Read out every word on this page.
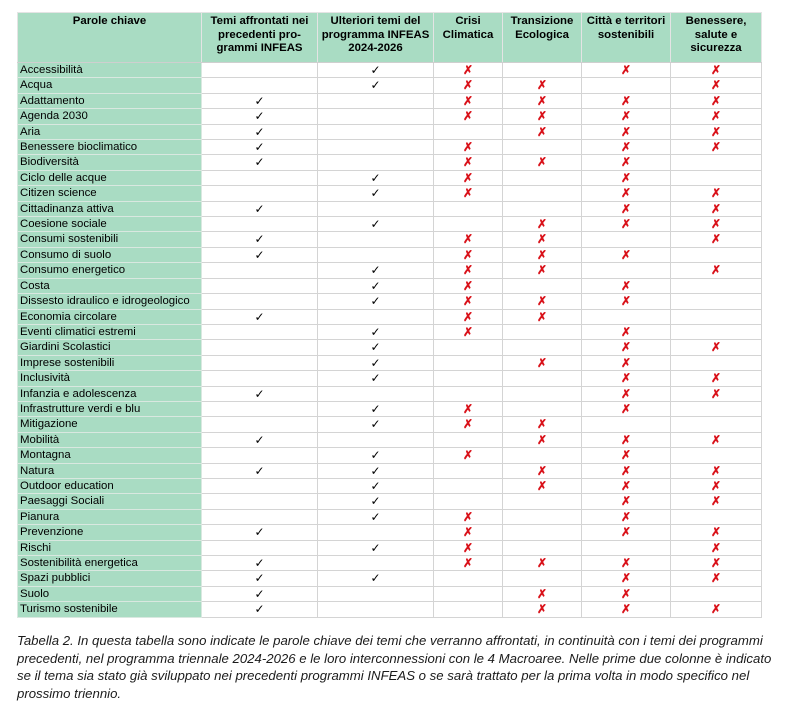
Parole chiave	Temi affrontati nei precedenti pro-grammi INFEAS	Ulteriori temi del programma INFEAS 2024-2026	Crisi Climatica	Transizione Ecologica	Città e territori sostenibili	Benessere, salute e sicurezza
Accessibilità		✓	✗		✗	✗
Acqua		✓	✗	✗		✗
Adattamento	✓		✗	✗	✗	✗
Agenda 2030	✓		✗	✗	✗	✗
Aria	✓			✗	✗	✗
Benessere bioclimatico	✓		✗		✗	✗
Biodiversità	✓		✗	✗	✗	
Ciclo delle acque		✓	✗		✗	
Citizen science		✓	✗		✗	✗
Cittadinanza attiva	✓				✗	✗
Coesione sociale		✓		✗	✗	✗
Consumi sostenibili	✓		✗	✗		✗
Consumo di suolo	✓		✗	✗	✗	
Consumo energetico		✓	✗	✗		✗
Costa		✓	✗		✗	
Dissesto idraulico e idrogeologico		✓	✗	✗	✗	
Economia circolare	✓		✗	✗		
Eventi climatici estremi		✓	✗		✗	
Giardini Scolastici		✓			✗	✗
Imprese sostenibili		✓		✗	✗	
Inclusività		✓			✗	✗
Infanzia e adolescenza	✓				✗	✗
Infrastrutture verdi e blu		✓	✗		✗	
Mitigazione		✓	✗	✗		
Mobilità	✓			✗	✗	✗
Montagna		✓	✗		✗	
Natura	✓	✓		✗	✗	✗
Outdoor education		✓		✗	✗	✗
Paesaggi Sociali		✓			✗	✗
Pianura		✓	✗		✗	
Prevenzione	✓		✗		✗	✗
Rischi		✓	✗			✗
Sostenibilità energetica	✓		✗	✗	✗	✗
Spazi pubblici	✓	✓			✗	✗
Suolo	✓			✗	✗	
Turismo sostenibile	✓			✗	✗	✗

Tabella 2. In questa tabella sono indicate le parole chiave dei temi che verranno affrontati, in continuità con i temi dei programmi precedenti, nel programma triennale 2024-2026 e le loro interconnessioni con le 4 Macroaree. Nelle prime due colonne è indicato se il tema sia stato già sviluppato nei precedenti programmi INFEAS o se sarà trattato per la prima volta in modo specifico nel prossimo triennio.
